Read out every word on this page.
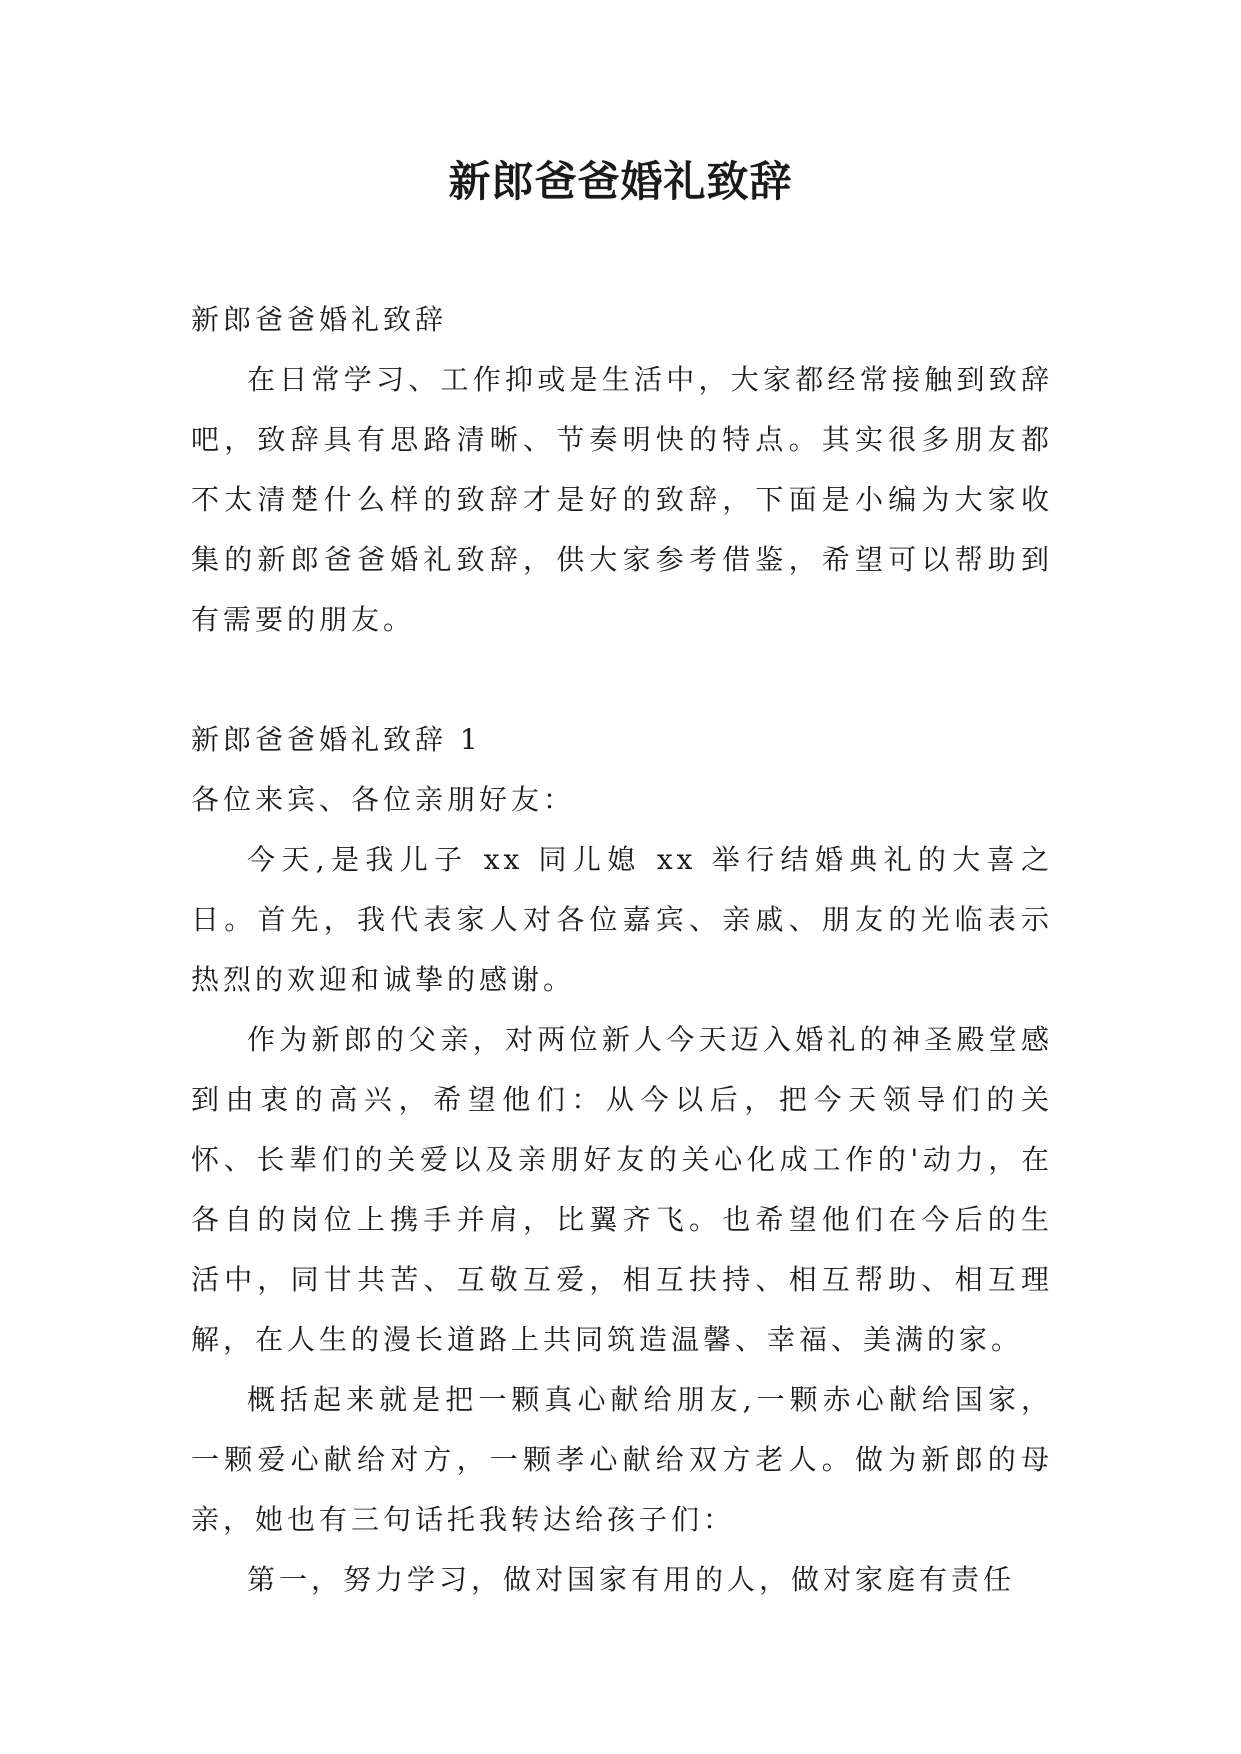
新郎爸爸婚礼致辞

新郎爸爸婚礼致辞

在日常学习、工作抑或是生活中，大家都经常接触到致辞吧，致辞具有思路清晰、节奏明快的特点。其实很多朋友都不太清楚什么样的致辞才是好的致辞，下面是小编为大家收集的新郎爸爸婚礼致辞，供大家参考借鉴，希望可以帮助到有需要的朋友。

新郎爸爸婚礼致辞 1

各位来宾、各位亲朋好友：

今天,是我儿子 xx 同儿媳 xx 举行结婚典礼的大喜之日。首先，我代表家人对各位嘉宾、亲戚、朋友的光临表示热烈的欢迎和诚挚的感谢。

作为新郎的父亲，对两位新人今天迈入婚礼的神圣殿堂感到由衷的高兴，希望他们：从今以后，把今天领导们的关怀、长辈们的关爱以及亲朋好友的关心化成工作的'动力，在各自的岗位上携手并肩，比翼齐飞。也希望他们在今后的生活中，同甘共苦、互敬互爱，相互扶持、相互帮助、相互理解，在人生的漫长道路上共同筑造温馨、幸福、美满的家。

概括起来就是把一颗真心献给朋友,一颗赤心献给国家，一颗爱心献给对方，一颗孝心献给双方老人。做为新郎的母亲，她也有三句话托我转达给孩子们：

第一，努力学习，做对国家有用的人，做对家庭有责任
